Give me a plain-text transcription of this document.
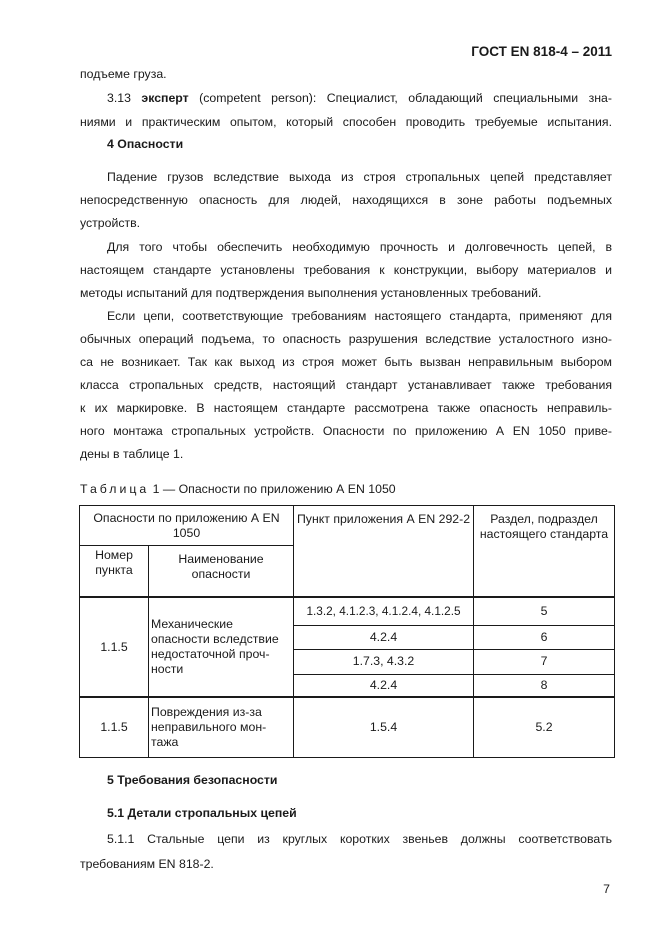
ГОСТ EN 818-4 – 2011
подъеме груза.
3.13 эксперт (competent person): Специалист, обладающий специальными зна-
ниями и практическим опытом, который способен проводить требуемые испытания.
4 Опасности
Падение грузов вследствие выхода из строя стропальных цепей представляет
непосредственную опасность для людей, находящихся в зоне работы подъемных
устройств.
Для того чтобы обеспечить необходимую прочность и долговечность цепей, в
настоящем стандарте установлены требования к конструкции, выбору материалов и
методы испытаний для подтверждения выполнения установленных требований.
Если цепи, соответствующие требованиям настоящего стандарта, применяют для
обычных операций подъема, то опасность разрушения вследствие усталостного изно-
са не возникает. Так как выход из строя может быть вызван неправильным выбором
класса стропальных средств, настоящий стандарт устанавливает также требования
к их маркировке. В настоящем стандарте рассмотрена также опасность неправиль-
ного монтажа стропальных устройств. Опасности по приложению А EN 1050 приве-
дены в таблице 1.
Таблица 1 — Опасности по приложению А EN 1050
Опасности по приложению А EN 1050		Пункт приложения А EN 292-2	Раздел, подраздел настоящего стандарта
Номер пункта	Наименование опасности		
1.1.5	Механические опасности вследствие недостаточной проч-ности	1.3.2, 4.1.2.3, 4.1.2.4, 4.1.2.5	5
		4.2.4	6
		1.7.3, 4.3.2	7
		4.2.4	8
1.1.5	Повреждения из-за неправильного мон-тажа	1.5.4	5.2
5 Требования безопасности
5.1 Детали стропальных цепей
5.1.1 Стальные цепи из круглых коротких звеньев должны соответствовать
требованиям EN 818-2.
7
